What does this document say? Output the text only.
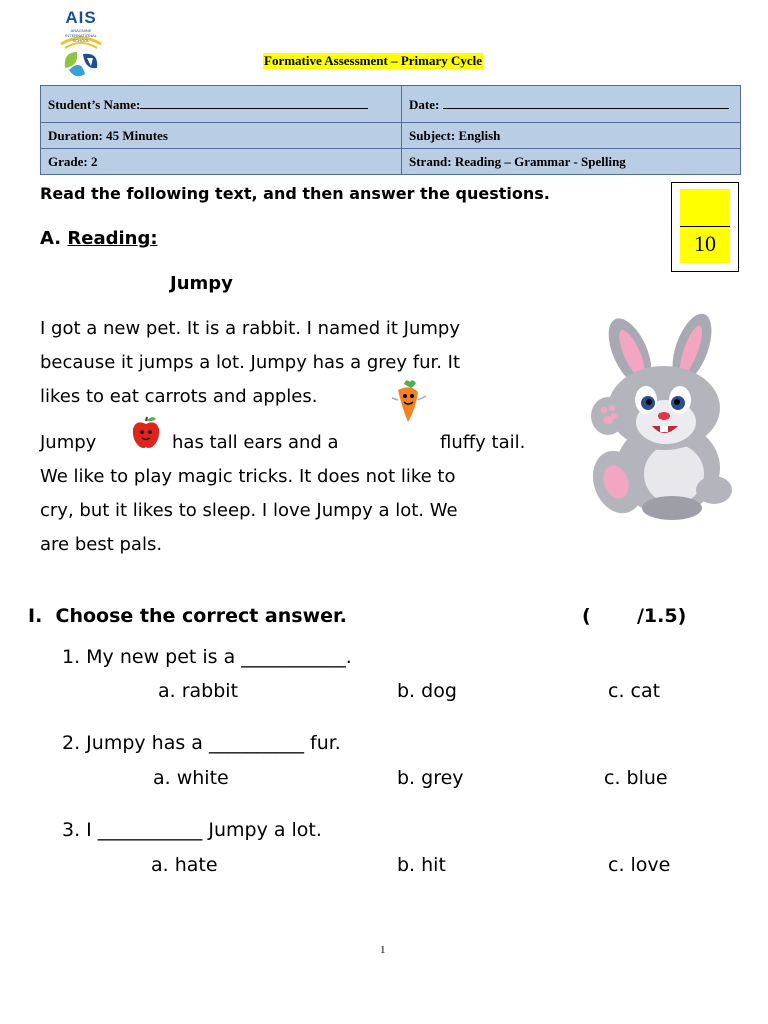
AIS
ANAGNINE INTERNATIONAL SCHOOL
Formative Assessment – Primary Cycle
Student’s Name:	Date:
Duration: 45 Minutes	Subject: English
Grade: 2	Strand: Reading – Grammar - Spelling
10
Read the following text, and then answer the questions.
A. Reading:
Jumpy
I got a new pet. It is a rabbit. I named it Jumpy
because it jumps a lot. Jumpy has a grey fur. It
likes to eat carrots and apples.
Jumpy	has tall ears and a	fluffy tail.
We like to play magic tricks. It does not like to
cry, but it likes to sleep. I love Jumpy a lot. We
are best pals.
I. Choose the correct answer.	(       /1.5)
1. My new pet is a ___________.
a. rabbit	b. dog	c. cat
2. Jumpy has a __________ fur.
a. white	b. grey	c. blue
3. I ___________ Jumpy a lot.
a. hate	b. hit	c. love
1
